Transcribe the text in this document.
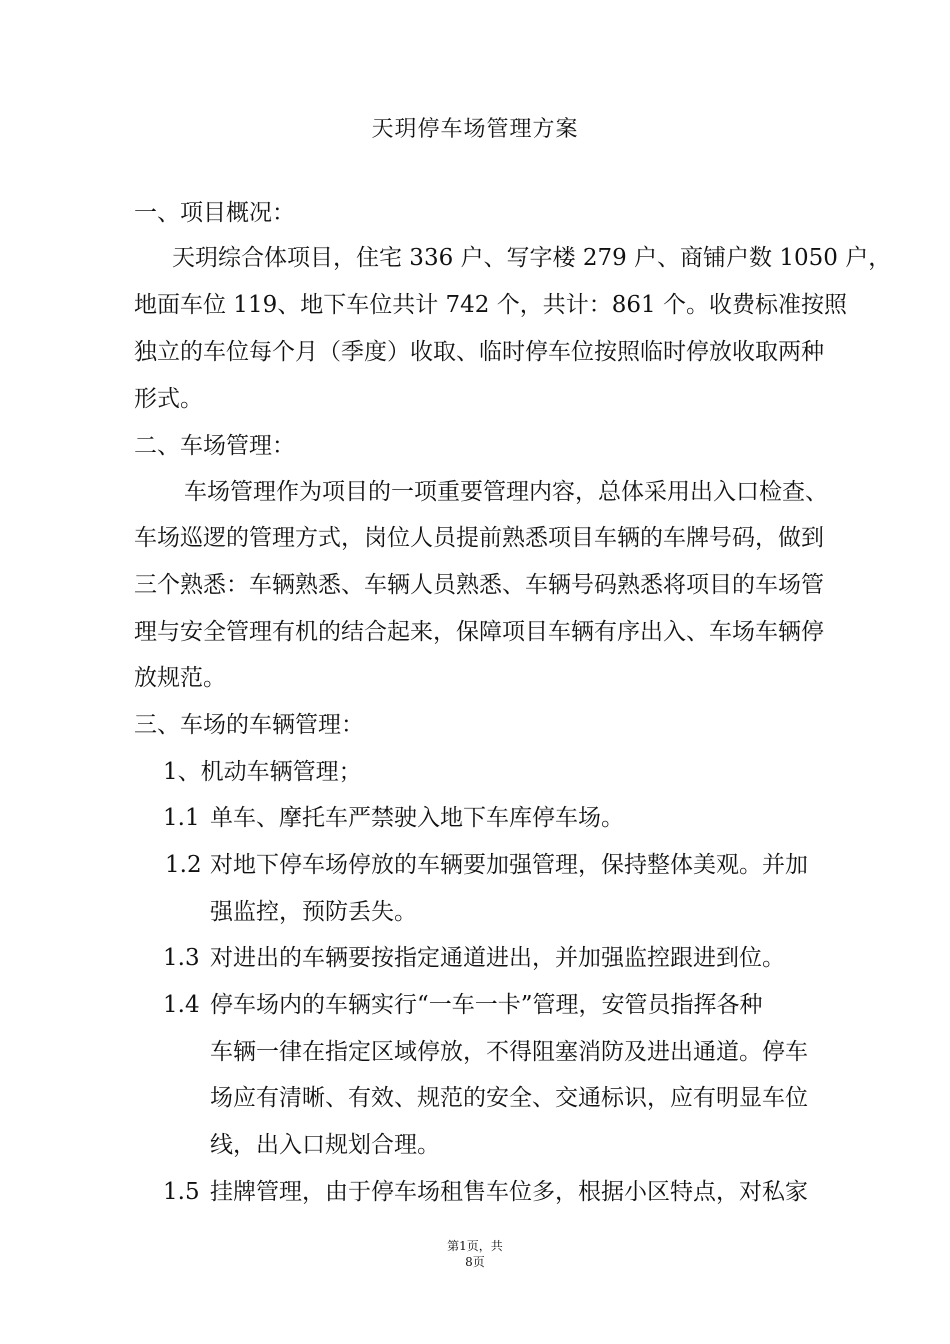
天玥停车场管理方案
一、项目概况：
天玥综合体项目，住宅 336 户、写字楼 279 户、商铺户数 1050 户，
地面车位 119、地下车位共计 742 个，共计：861 个。收费标准按照
独立的车位每个月（季度）收取、临时停车位按照临时停放收取两种
形式。
二、车场管理：
车场管理作为项目的一项重要管理内容，总体采用出入口检查、
车场巡逻的管理方式，岗位人员提前熟悉项目车辆的车牌号码，做到
三个熟悉：车辆熟悉、车辆人员熟悉、车辆号码熟悉将项目的车场管
理与安全管理有机的结合起来，保障项目车辆有序出入、车场车辆停
放规范。
三、车场的车辆管理：
1、机动车辆管理；
1.1 单车、摩托车严禁驶入地下车库停车场。
1.2 对地下停车场停放的车辆要加强管理，保持整体美观。并加
强监控，预防丢失。
1.3 对进出的车辆要按指定通道进出，并加强监控跟进到位。
1.4 停车场内的车辆实行“一车一卡”管理，安管员指挥各种
车辆一律在指定区域停放，不得阻塞消防及进出通道。停车
场应有清晰、有效、规范的安全、交通标识，应有明显车位
线，出入口规划合理。
1.5 挂牌管理，由于停车场租售车位多，根据小区特点，对私家
第1页，共
8页
